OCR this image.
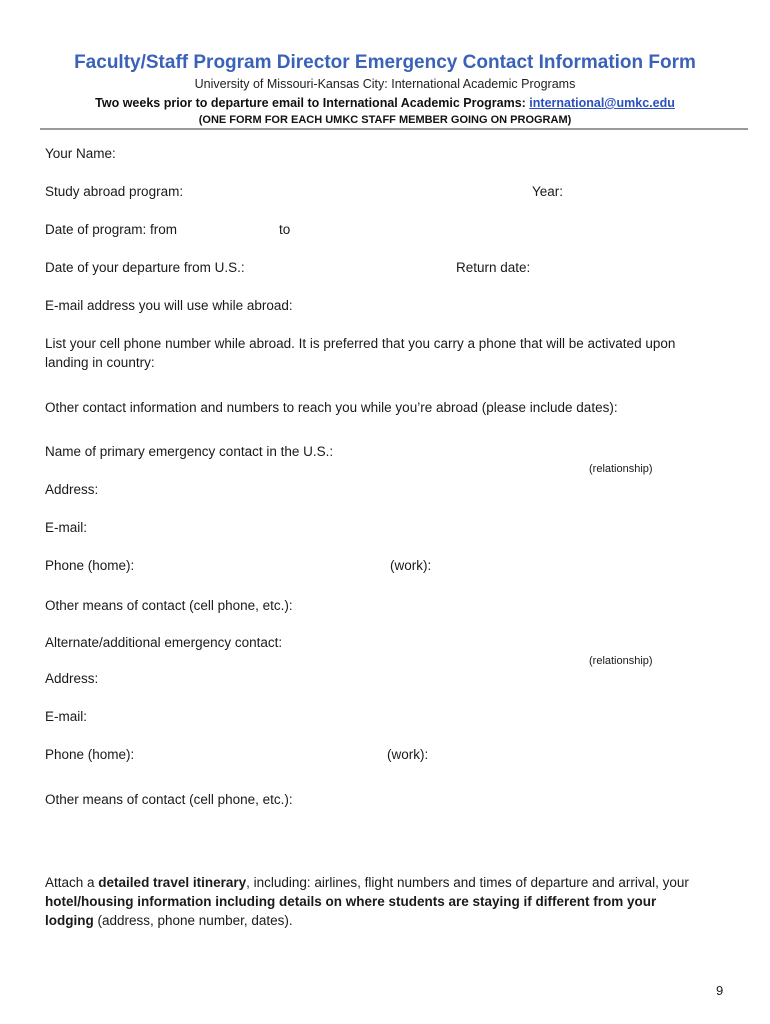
Faculty/Staff Program Director Emergency Contact Information Form
University of Missouri-Kansas City: International Academic Programs
Two weeks prior to departure email to International Academic Programs: international@umkc.edu
(ONE FORM FOR EACH UMKC STAFF MEMBER GOING ON PROGRAM)
Your Name:
Study abroad program:	Year:
Date of program: from	to
Date of your departure from U.S.:	Return date:
E-mail address you will use while abroad:
List your cell phone number while abroad. It is preferred that you carry a phone that will be activated upon
landing in country:
Other contact information and numbers to reach you while you’re abroad (please include dates):
Name of primary emergency contact in the U.S.:
(relationship)
Address:
E-mail:
Phone (home):	(work):
Other means of contact (cell phone, etc.):
Alternate/additional emergency contact:
(relationship)
Address:
E-mail:
Phone (home):	(work):
Other means of contact (cell phone, etc.):
Attach a detailed travel itinerary, including: airlines, flight numbers and times of departure and arrival, your hotel/housing information including details on where students are staying if different from your lodging (address, phone number, dates).
9
